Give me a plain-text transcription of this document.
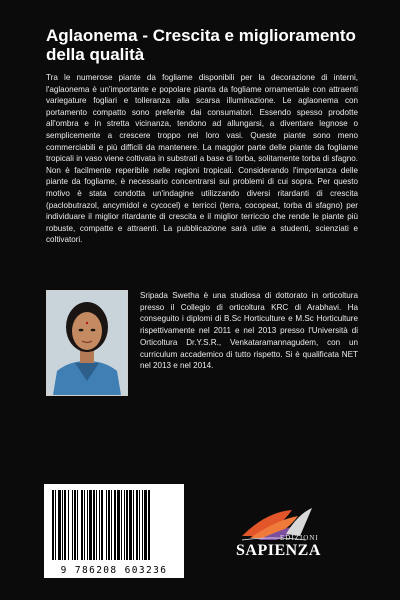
Aglaonema - Crescita e miglioramento della qualità

Tra le numerose piante da fogliame disponibili per la decorazione di interni, l'aglaonema è un'importante e popolare pianta da fogliame ornamentale con attraenti variegature fogliari e tolleranza alla scarsa illuminazione. Le aglaonema con portamento compatto sono preferite dai consumatori. Essendo spesso prodotte all'ombra e in stretta vicinanza, tendono ad allungarsi, a diventare legnose o semplicemente a crescere troppo nei loro vasi. Queste piante sono meno commerciabili e più difficili da mantenere. La maggior parte delle piante da fogliame tropicali in vaso viene coltivata in substrati a base di torba, solitamente torba di sfagno. Non è facilmente reperibile nelle regioni tropicali. Considerando l'importanza delle piante da fogliame, è necessario concentrarsi sui problemi di cui sopra. Per questo motivo è stata condotta un'indagine utilizzando diversi ritardanti di crescita (paclobutrazol, ancymidol e cycocel) e terricci (terra, cocopeat, torba di sfagno) per individuare il miglior ritardante di crescita e il miglior terriccio che rende le piante più robuste, compatte e attraenti. La pubblicazione sarà utile a studenti, scienziati e coltivatori.

Sripada Swetha è una studiosa di dottorato in orticoltura presso il Collegio di orticoltura KRC di Arabhavi. Ha conseguito i diplomi di B.Sc Horticulture e M.Sc Horticulture rispettivamente nel 2011 e nel 2013 presso l'Università di Orticoltura Dr.Y.S.R., Venkataramannagudem, con un curriculum accademico di tutto rispetto. Si è qualificata NET nel 2013 e nel 2014.

9 786208 603236
EDIZIONI
SAPIENZA
